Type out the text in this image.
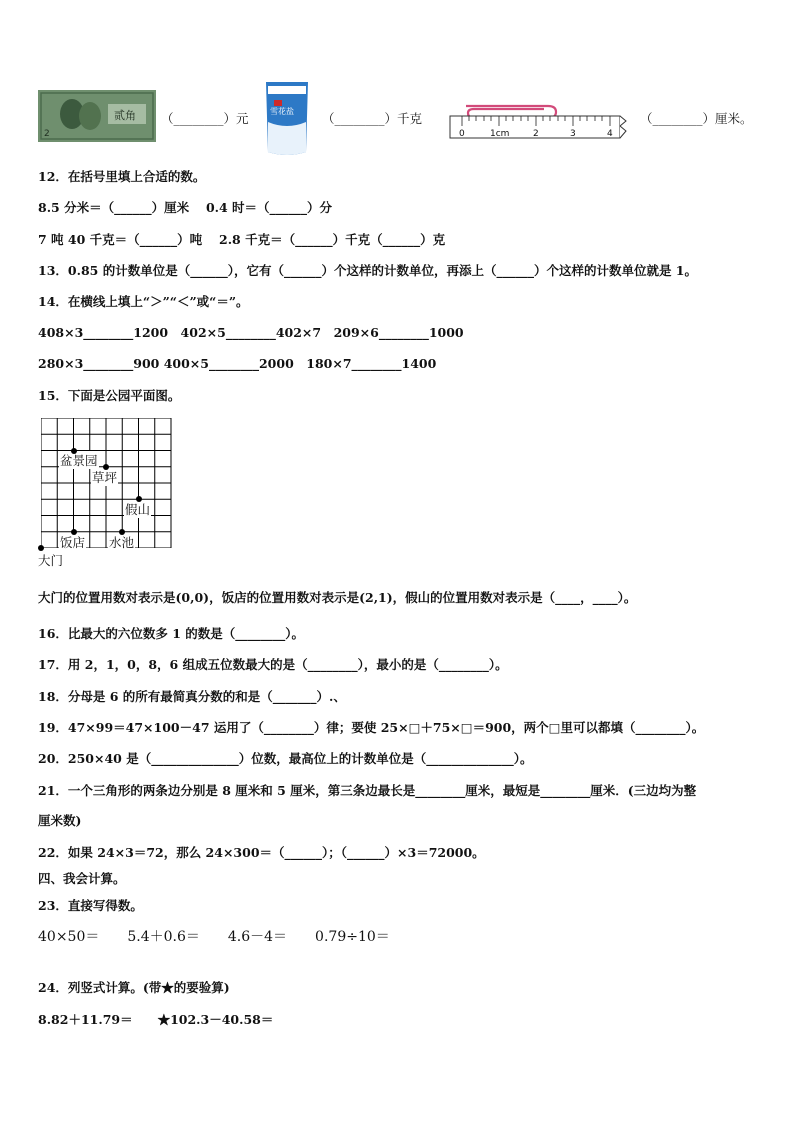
2
贰角 （________）元	雪花盐 （________）千克
0	1cm	2	3	4
（________）厘米。
12．在括号里填上合适的数。
8.5 分米＝（______）厘米　 0.4 时＝（______）分
7 吨 40 千克＝（______）吨　 2.8 千克＝（______）千克（______）克
13．0.85 的计数单位是（______），它有（______）个这样的计数单位，再添上（______）个这样的计数单位就是 1。
14．在横线上填上“＞”“＜”或“＝”。
408×3________1200　402×5________402×7　209×6________1000
280×3________900 400×5________2000　180×7________1400
15．下面是公园平面图。
盆景园
草坪
假山
饭店 水池
大门
大门的位置用数对表示是(0,0)，饭店的位置用数对表示是(2,1)，假山的位置用数对表示是（____，____）。
16．比最大的六位数多 1 的数是（________）。
17．用 2，1，0，8，6 组成五位数最大的是（________），最小的是（________）。
18．分母是 6 的所有最简真分数的和是（_______）.、
19．47×99＝47×100－47 运用了（________）律；要使 25×□＋75×□＝900，两个□里可以都填（________）。
20．250×40 是（______________）位数，最高位上的计数单位是（______________）。
21．一个三角形的两条边分别是 8 厘米和 5 厘米，第三条边最长是________厘米，最短是________厘米．(三边均为整
厘米数)
22．如果 24×3＝72，那么 24×300＝（______）；（______）×3＝72000。
四、我会计算。
23．直接写得数。
40×50＝　　5.4＋0.6＝　　4.6－4＝　　0.79÷10＝
24．列竖式计算。(带★的要验算)
8.82＋11.79＝　　★102.3－40.58＝
